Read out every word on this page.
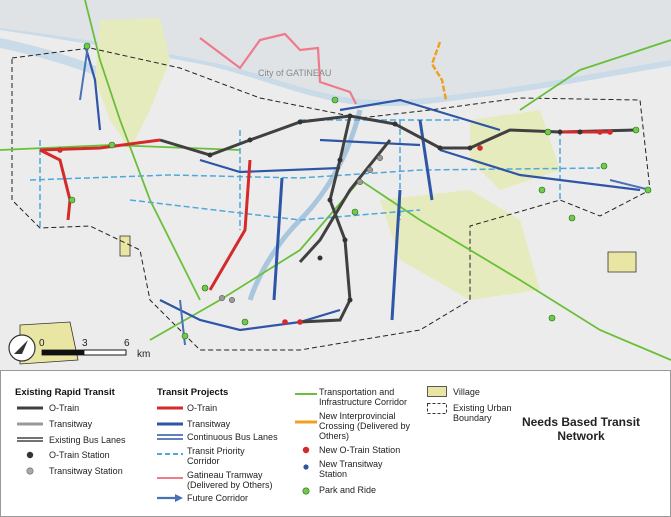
City of GATINEAU
0	3	6
km
Existing Rapid Transit
O-Train
Transitway
Existing Bus Lanes
O-Train Station
Transitway Station
Transit Projects
O-Train
Transitway
Continuous Bus Lanes
Transit Priority Corridor
Gatineau Tramway (Delivered by Others)
Future Corridor
Transportation and Infrastructure Corridor
New Interprovincial Crossing (Delivered by Others)
New O-Train Station
New Transitway Station
Park and Ride
Village
Existing Urban Boundary	Needs Based Transit Network
